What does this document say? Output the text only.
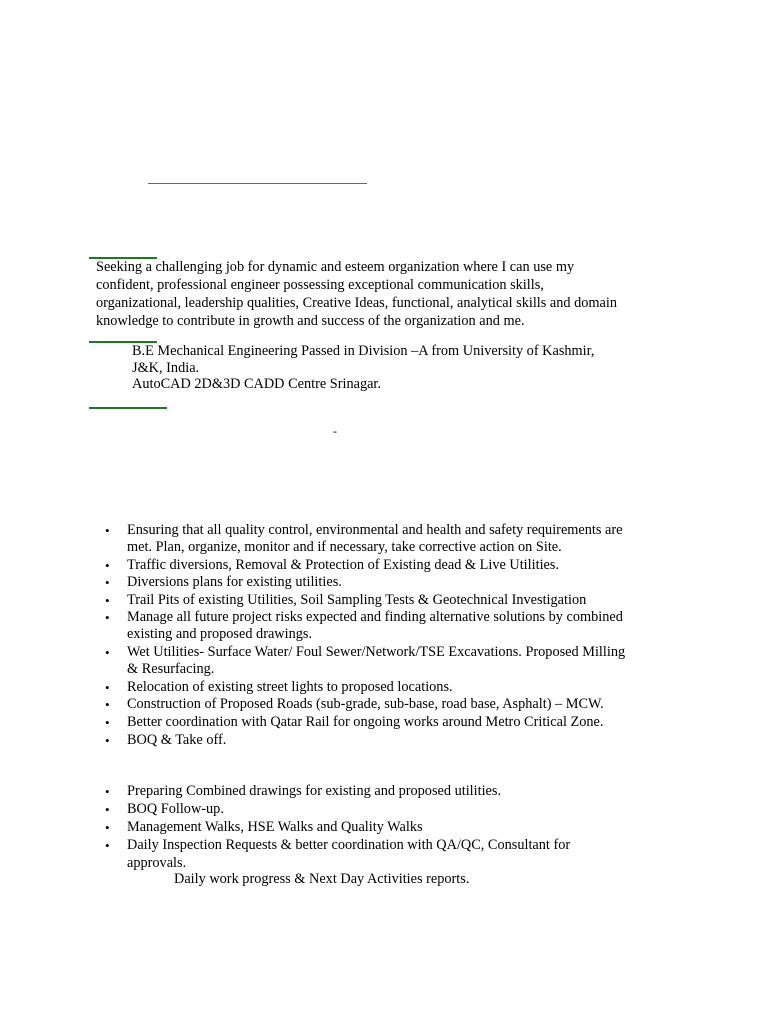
Seeking a challenging job for dynamic and esteem organization where I can use my
confident, professional engineer possessing exceptional communication skills,
organizational, leadership qualities, Creative Ideas, functional, analytical skills and domain
knowledge to contribute in growth and success of the organization and me.
B.E Mechanical Engineering Passed in Division –A from University of Kashmir,
J&K, India.
AutoCAD 2D&3D CADD Centre Srinagar.
-
• Ensuring that all quality control, environmental and health and safety requirements are
met. Plan, organize, monitor and if necessary, take corrective action on Site.
• Traffic diversions, Removal & Protection of Existing dead & Live Utilities.
• Diversions plans for existing utilities.
• Trail Pits of existing Utilities, Soil Sampling Tests & Geotechnical Investigation
• Manage all future project risks expected and finding alternative solutions by combined
existing and proposed drawings.
• Wet Utilities- Surface Water/ Foul Sewer/Network/TSE Excavations. Proposed Milling
& Resurfacing.
• Relocation of existing street lights to proposed locations.
• Construction of Proposed Roads (sub-grade, sub-base, road base, Asphalt) – MCW.
• Better coordination with Qatar Rail for ongoing works around Metro Critical Zone.
• BOQ & Take off.
• Preparing Combined drawings for existing and proposed utilities.
• BOQ Follow-up.
• Management Walks, HSE Walks and Quality Walks
• Daily Inspection Requests & better coordination with QA/QC, Consultant for
approvals.
Daily work progress & Next Day Activities reports.
